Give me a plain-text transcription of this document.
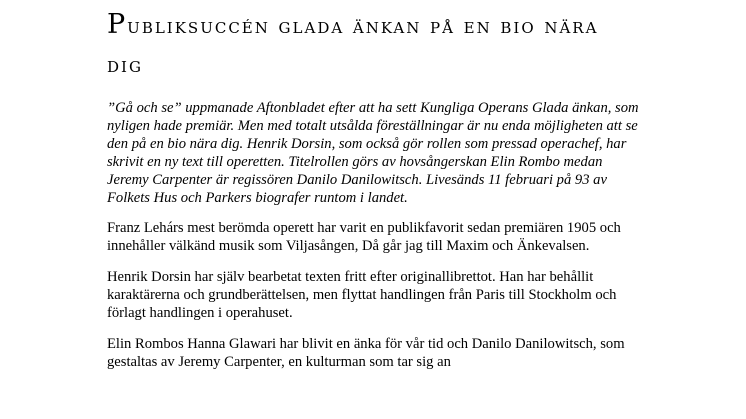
Publiksuccén glada änkan på en bio nära dig

”Gå och se” uppmanade Aftonbladet efter att ha sett Kungliga Operans Glada änkan, som nyligen hade premiär. Men med totalt utsålda föreställningar är nu enda möjligheten att se den på en bio nära dig. Henrik Dorsin, som också gör rollen som pressad operachef, har skrivit en ny text till operetten. Titelrollen görs av hovsångerskan Elin Rombo medan Jeremy Carpenter är regissören Danilo Danilowitsch. Livesänds 11 februari på 93 av Folkets Hus och Parkers biografer runtom i landet.

Franz Lehárs mest berömda operett har varit en publikfavorit sedan premiären 1905 och innehåller välkänd musik som Viljasången, Då går jag till Maxim och Änkevalsen.

Henrik Dorsin har själv bearbetat texten fritt efter originallibrettot. Han har behållit karaktärerna och grundberättelsen, men flyttat handlingen från Paris till Stockholm och förlagt handlingen i operahuset.

Elin Rombos Hanna Glawari har blivit en änka för vår tid och Danilo Danilowitsch, som gestaltas av Jeremy Carpenter, en kulturman som tar sig an
